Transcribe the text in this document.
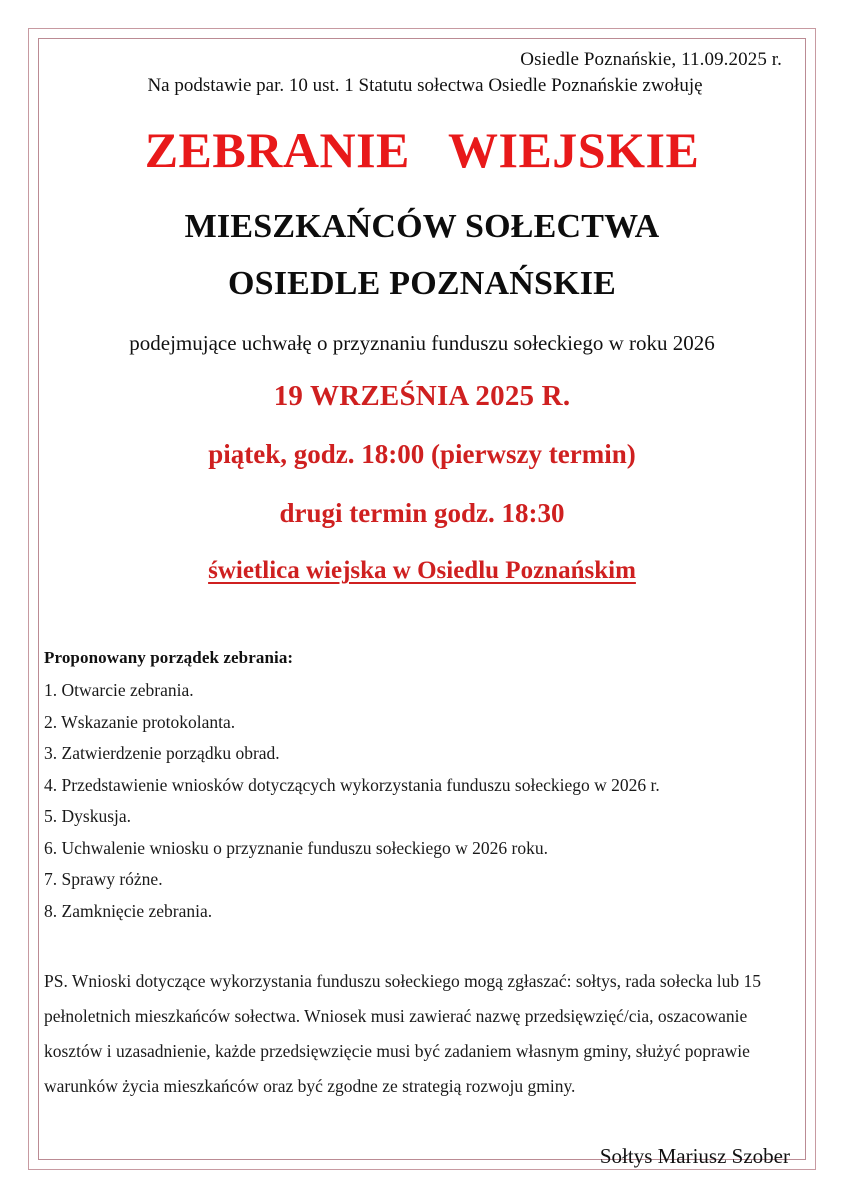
Osiedle Poznańskie, 11.09.2025 r.
Na podstawie par. 10 ust. 1 Statutu sołectwa Osiedle Poznańskie zwołuję
ZEBRANIE   WIEJSKIE
MIESZKAŃCÓW SOŁECTWA
OSIEDLE POZNAŃSKIE
podejmujące uchwałę o przyznaniu funduszu sołeckiego w roku 2026
19 WRZEŚNIA 2025 R.
piątek, godz. 18:00 (pierwszy termin)
drugi termin godz. 18:30
świetlica wiejska w Osiedlu Poznańskim
Proponowany porządek zebrania:
1. Otwarcie zebrania.
2. Wskazanie protokolanta.
3. Zatwierdzenie porządku obrad.
4. Przedstawienie wniosków dotyczących wykorzystania funduszu sołeckiego w 2026 r.
5. Dyskusja.
6. Uchwalenie wniosku o przyznanie funduszu sołeckiego w 2026 roku.
7. Sprawy różne.
8. Zamknięcie zebrania.
PS. Wnioski dotyczące wykorzystania funduszu sołeckiego mogą zgłaszać: sołtys, rada sołecka lub 15 pełnoletnich mieszkańców sołectwa. Wniosek musi zawierać nazwę przedsięwzięć/cia, oszacowanie kosztów i uzasadnienie, każde przedsięwzięcie musi być zadaniem własnym gminy, służyć poprawie warunków życia mieszkańców oraz być zgodne ze strategią rozwoju gminy.
Sołtys Mariusz Szober
